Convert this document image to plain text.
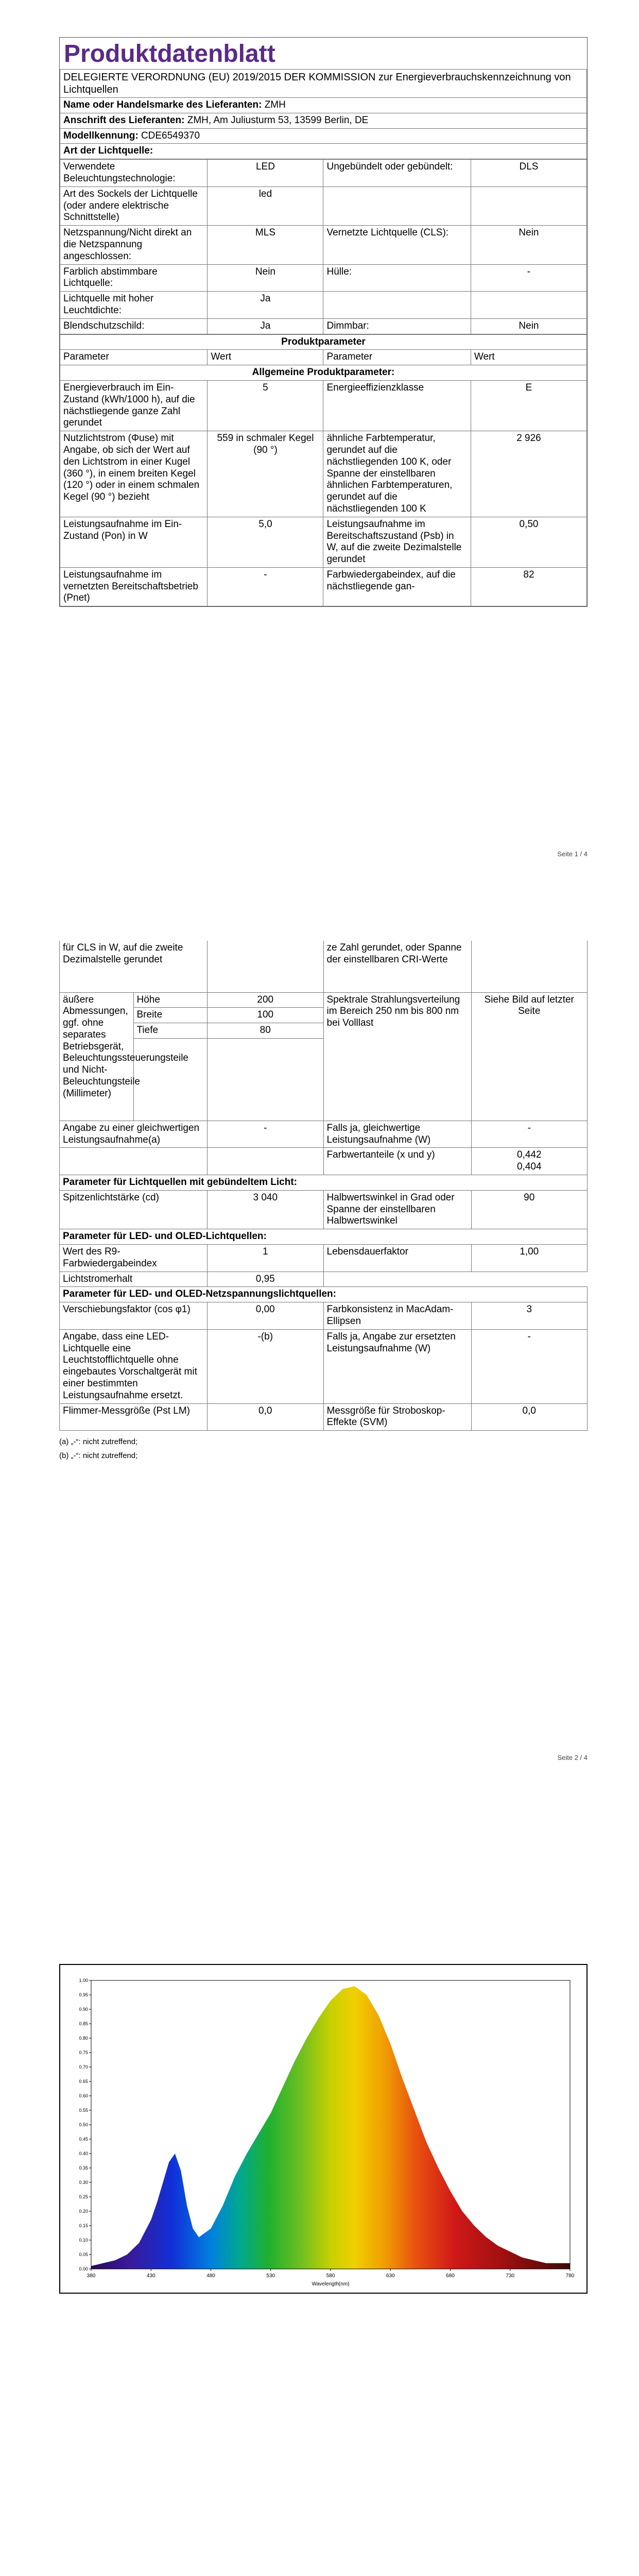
Produktdatenblatt
DELEGIERTE VERORDNUNG (EU) 2019/2015 DER KOMMISSION zur Energieverbrauchskennzeichnung von Lichtquellen
Name oder Handelsmarke des Lieferanten: ZMH
Anschrift des Lieferanten: ZMH, Am Juliusturm 53, 13599 Berlin, DE
Modellkennung: CDE6549370
Art der Lichtquelle:
Verwendete Beleuchtungstechnologie:	LED	Ungebündelt oder gebündelt:	DLS
Art des Sockels der Lichtquelle (oder andere elektrische Schnittstelle)	led		
Netzspannung/Nicht direkt an die Netzspannung angeschlossen:	MLS	Vernetzte Lichtquelle (CLS):	Nein
Farblich abstimmbare Lichtquelle:	Nein	Hülle:	-
Lichtquelle mit hoher Leuchtdichte:	Ja		
Blendschutzschild:	Ja	Dimmbar:	Nein
Produktparameter			
Parameter	Wert	Parameter	Wert
Allgemeine Produktparameter:			
Energieverbrauch im Ein-Zustand (kWh/1000 h), auf die nächstliegende ganze Zahl gerundet	5	Energieeffizienzklasse	E
Nutzlichtstrom (Φuse) mit Angabe, ob sich der Wert auf den Lichtstrom in einer Kugel (360 °), in einem breiten Kegel (120 °) oder in einem schmalen Kegel (90 °) bezieht	559 in schmaler Kegel (90 °)	ähnliche Farbtemperatur, gerundet auf die nächstliegenden 100 K, oder Spanne der einstellbaren ähnlichen Farbtemperaturen, gerundet auf die nächstliegenden 100 K	2 926
Leistungsaufnahme im Ein-Zustand (Pon) in W	5,0	Leistungsaufnahme im Bereitschaftszustand (Psb) in W, auf die zweite Dezimalstelle gerundet	0,50
Leistungsaufnahme im vernetzten Bereitschaftsbetrieb (Pnet)	-	Farbwiedergabeindex, auf die nächstliegende gan-	82
Seite 1 / 4
für CLS in W, auf die zweite Dezimalstelle gerundet			ze Zahl gerundet, oder Spanne der einstellbaren CRI-Werte	
äußere Abmessungen, ggf. ohne separates Betriebsgerät, Beleuchtungssteuerungsteile und Nicht-Beleuchtungsteile (Millimeter)	Höhe	200	Spektrale Strahlungsverteilung im Bereich 250 nm bis 800 nm bei Volllast	Siehe Bild auf letzter Seite
	Breite	100		
	Tiefe	80		

Angabe zu einer gleichwertigen Leistungsaufnahme(a)		-	Falls ja, gleichwertige Leistungsaufnahme (W)	-
			Farbwertanteile (x und y)	0,442
0,404
Parameter für Lichtquellen mit gebündeltem Licht:				
Spitzenlichtstärke (cd)		3 040	Halbwertswinkel in Grad oder Spanne der einstellbaren Halbwertswinkel	90
Parameter für LED- und OLED-Lichtquellen:				
Wert des R9-Farbwiedergabeindex		1	Lebensdauerfaktor	1,00
Lichtstromerhalt		0,95		
Parameter für LED- und OLED-Netzspannungslichtquellen:				
Verschiebungsfaktor (cos φ1)		0,00	Farbkonsistenz in MacAdam-Ellipsen	3
Angabe, dass eine LED-Lichtquelle eine Leuchtstofflichtquelle ohne eingebautes Vorschaltgerät mit einer bestimmten Leistungsaufnahme ersetzt.		-(b)	Falls ja, Angabe zur ersetzten Leistungsaufnahme (W)	-
Flimmer-Messgröße (Pst LM)		0,0	Messgröße für Stroboskop-Effekte (SVM)	0,0
(a) „-“: nicht zutreffend;
(b) „-“: nicht zutreffend;
Seite 2 / 4
0.00
0.05
0.10
0.15
0.20
0.25
0.30
0.35
0.40
0.45
0.50
0.55
0.60
0.65
0.70
0.75
0.80
0.85
0.90
0.95
1.00
380	430	480	530	580	630	680	730	780
Wavelength(nm)
